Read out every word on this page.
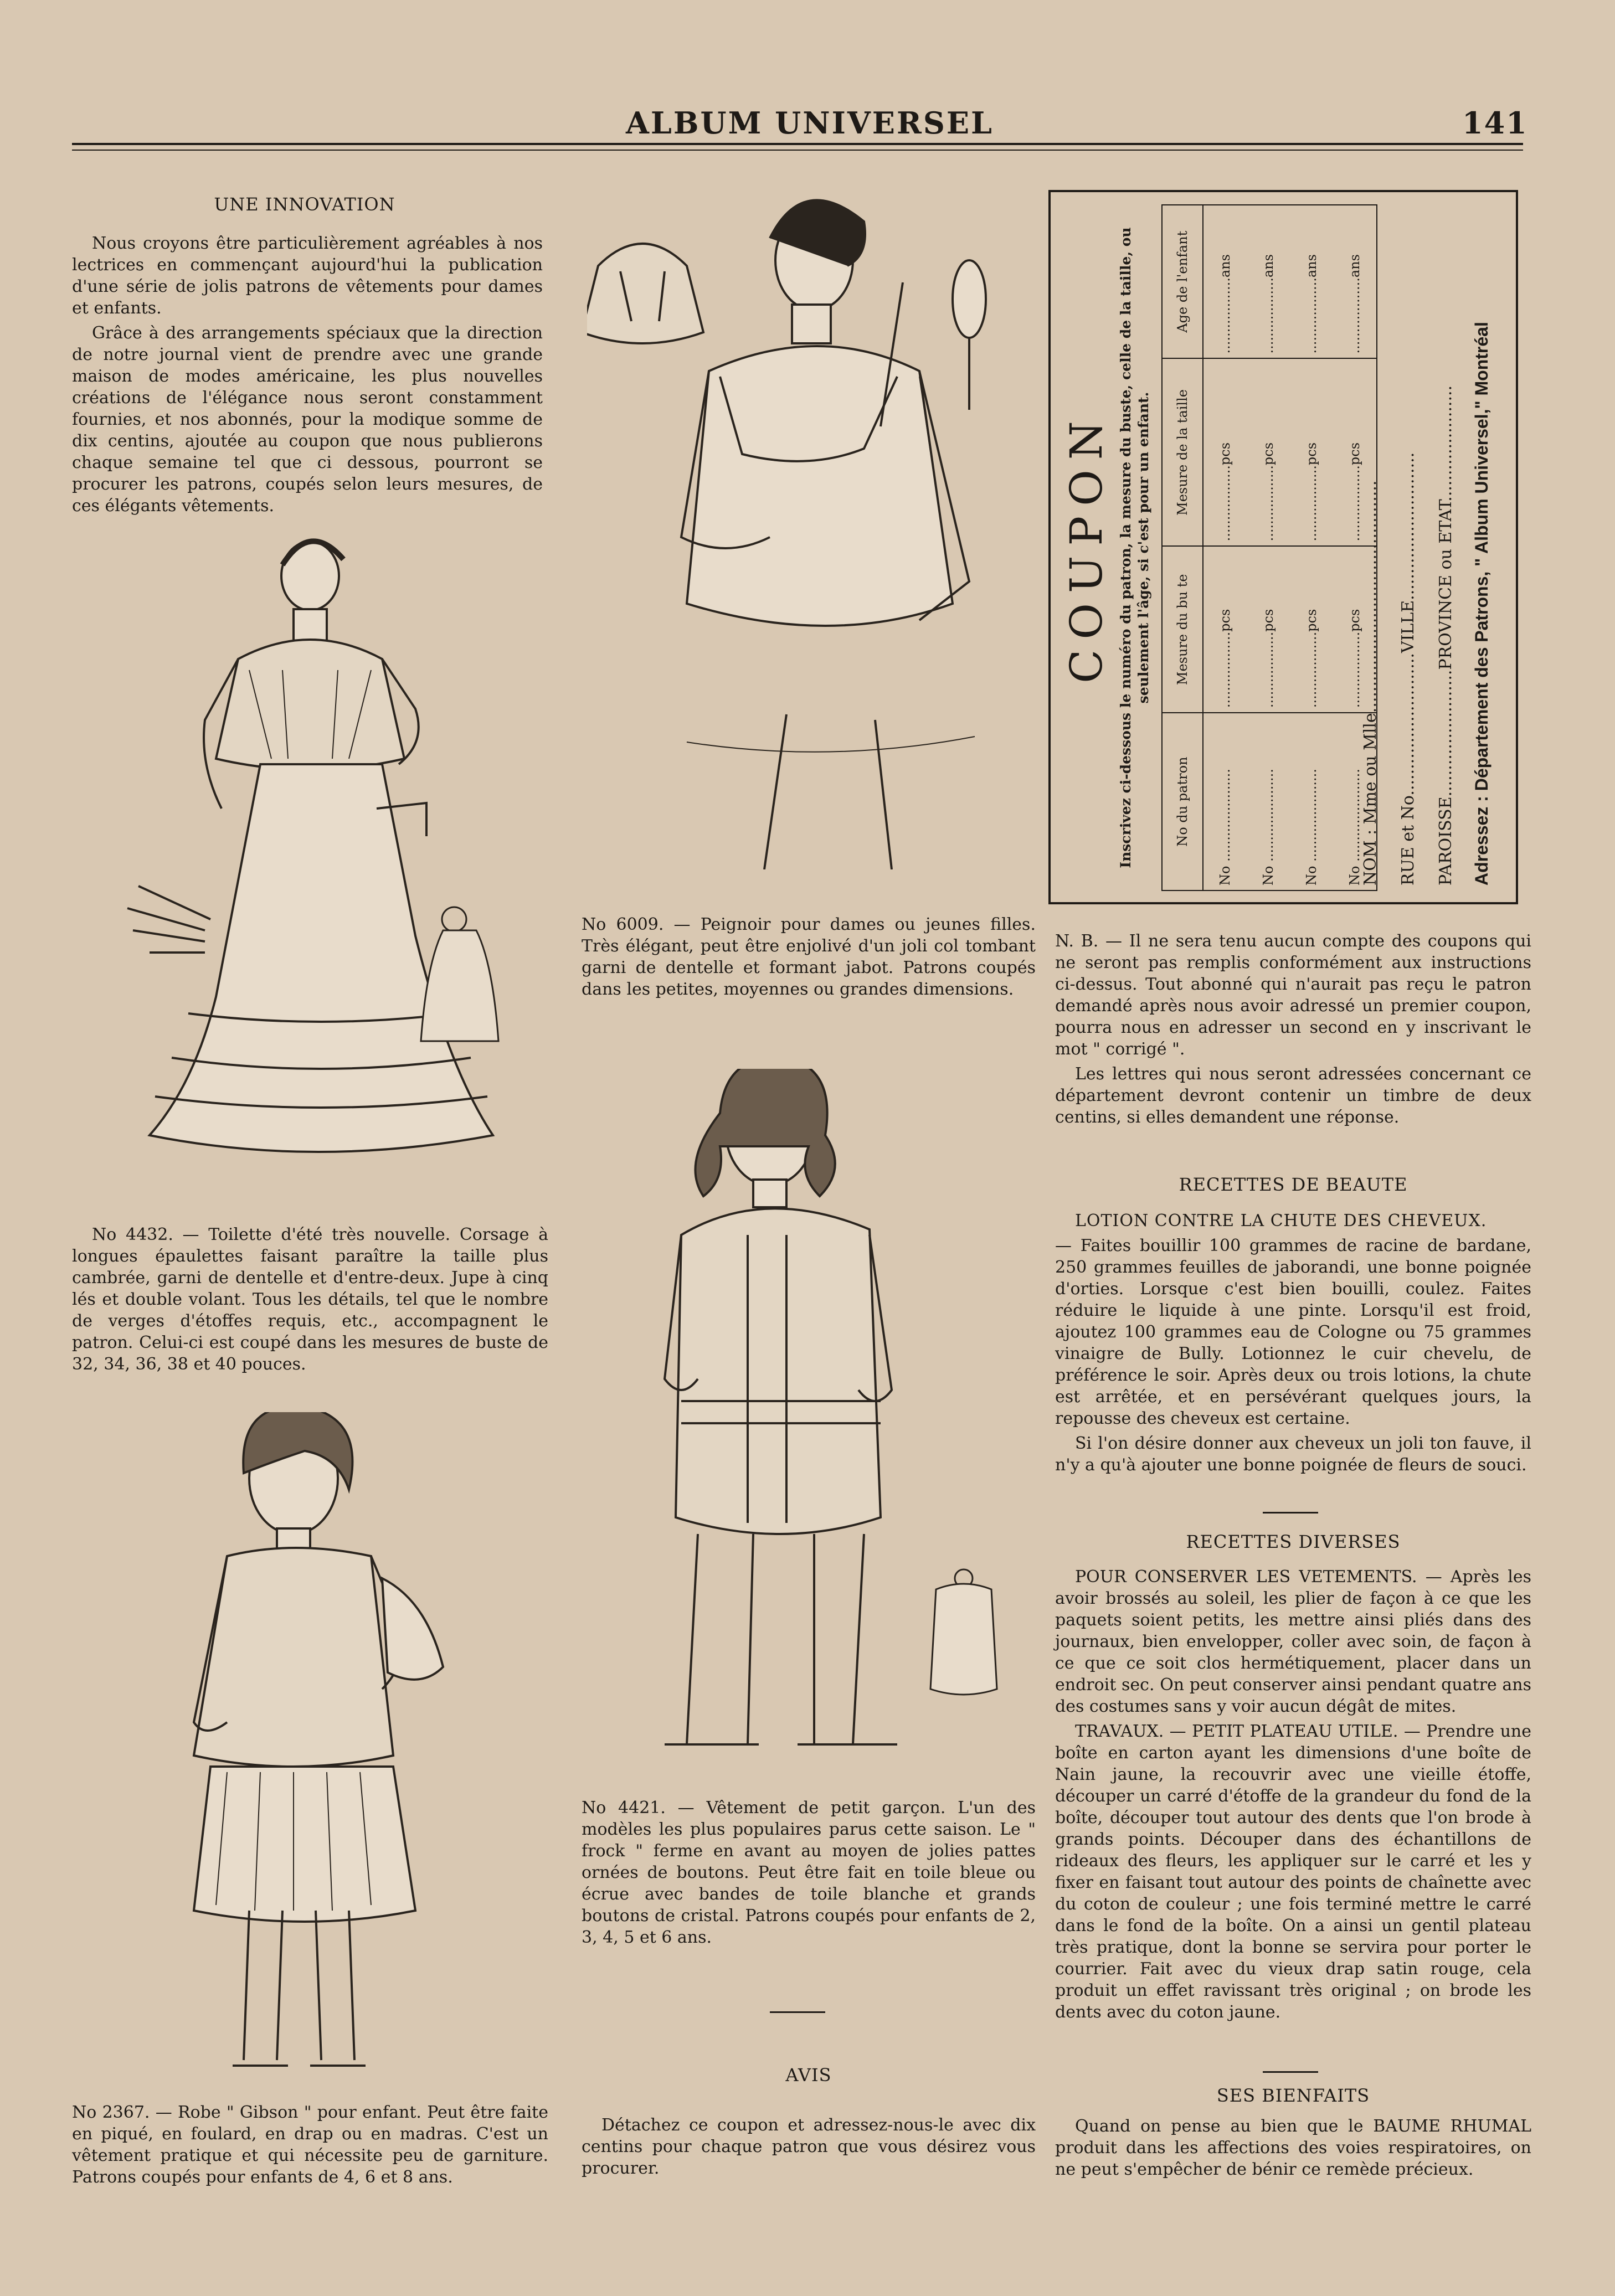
ALBUM UNIVERSEL	141
UNE INNOVATION

Nous croyons être particulièrement agréables à nos lectrices en commençant aujourd'hui la publication d'une série de jolis patrons de vêtements pour dames et enfants.

Grâce à des arrangements spéciaux que la direction de notre journal vient de prendre avec une grande maison de modes américaine, les plus nouvelles créations de l'élégance nous seront constamment fournies, et nos abonnés, pour la modique somme de dix centins, ajoutée au coupon que nous publierons chaque semaine tel que ci dessous, pourront se procurer les patrons, coupés selon leurs mesures, de ces élégants vêtements.

No 4432. — Toilette d'été très nouvelle. Corsage à longues épaulettes faisant paraître la taille plus cambrée, garni de dentelle et d'entre-deux. Jupe à cinq lés et double volant. Tous les détails, tel que le nombre de verges d'étoffes requis, etc., accompagnent le patron. Celui-ci est coupé dans les mesures de buste de 32, 34, 36, 38 et 40 pouces.
No 6009. — Peignoir pour dames ou jeunes filles. Très élégant, peut être enjolivé d'un joli col tombant garni de dentelle et formant jabot. Patrons coupés dans les petites, moyennes ou grandes dimensions.
No 4421. — Vêtement de petit garçon. L'un des modèles les plus populaires parus cette saison. Le " frock " ferme en avant au moyen de jolies pattes ornées de boutons. Peut être fait en toile bleue ou écrue avec bandes de toile blanche et grands boutons de cristal. Patrons coupés pour enfants de 2, 3, 4, 5 et 6 ans.
No 2367. — Robe " Gibson " pour enfant. Peut être faite en piqué, en foulard, en drap ou en madras. C'est un vêtement pratique et qui nécessite peu de garniture. Patrons coupés pour enfants de 4, 6 et 8 ans.
COUPON Inscrivez ci-dessous le numéro du patron, la mesure du buste, celle de la taille, ou seulement l'âge, si c'est pour un enfant.
No du patron	Mesure du bu te	Mesure de la taille	Age de l'enfant
No ......................	..................pcs	..................pcs	..................ans
No ......................	..................pcs	..................pcs	..................ans
No ......................	..................pcs	..................pcs	..................ans
No ......................	..................pcs	..................pcs	..................ans
NOM : Mme ou Mlle............................................ RUE et No...........................VILLE............................ PAROISSE........................PROVINCE ou ETAT...................... Adressez : Département des Patrons, " Album Universel," Montréal

N. B. — Il ne sera tenu aucun compte des coupons qui ne seront pas remplis conformément aux instructions ci-dessus. Tout abonné qui n'aurait pas reçu le patron demandé après nous avoir adressé un premier coupon, pourra nous en adresser un second en y inscrivant le mot " corrigé ".

Les lettres qui nous seront adressées concernant ce département devront contenir un timbre de deux centins, si elles demandent une réponse.

RECETTES DE BEAUTE

LOTION CONTRE LA CHUTE DES CHEVEUX.

— Faites bouillir 100 grammes de racine de bardane, 250 grammes feuilles de jaborandi, une bonne poignée d'orties. Lorsque c'est bien bouilli, coulez. Faites réduire le liquide à une pinte. Lorsqu'il est froid, ajoutez 100 grammes eau de Cologne ou 75 grammes vinaigre de Bully. Lotionnez le cuir chevelu, de préférence le soir. Après deux ou trois lotions, la chute est arrêtée, et en persévérant quelques jours, la repousse des cheveux est certaine.

Si l'on désire donner aux cheveux un joli ton fauve, il n'y a qu'à ajouter une bonne poignée de fleurs de souci.

RECETTES DIVERSES

POUR CONSERVER LES VETEMENTS. — Après les avoir brossés au soleil, les plier de façon à ce que les paquets soient petits, les mettre ainsi pliés dans des journaux, bien envelopper, coller avec soin, de façon à ce que ce soit clos hermétiquement, placer dans un endroit sec. On peut conserver ainsi pendant quatre ans des costumes sans y voir aucun dégât de mites.

TRAVAUX. — PETIT PLATEAU UTILE. — Prendre une boîte en carton ayant les dimensions d'une boîte de Nain jaune, la recouvrir avec une vieille étoffe, découper un carré d'étoffe de la grandeur du fond de la boîte, découper tout autour des dents que l'on brode à grands points. Découper dans des échantillons de rideaux des fleurs, les appliquer sur le carré et les y fixer en faisant tout autour des points de chaînette avec du coton de couleur ; une fois terminé mettre le carré dans le fond de la boîte. On a ainsi un gentil plateau très pratique, dont la bonne se servira pour porter le courrier. Fait avec du vieux drap satin rouge, cela produit un effet ravissant très original ; on brode les dents avec du coton jaune.

SES BIENFAITS
Quand on pense au bien que le BAUME RHUMAL produit dans les affections des voies respiratoires, on ne peut s'empêcher de bénir ce remède précieux.
AVIS
Détachez ce coupon et adressez-nous-le avec dix centins pour chaque patron que vous désirez vous procurer.
